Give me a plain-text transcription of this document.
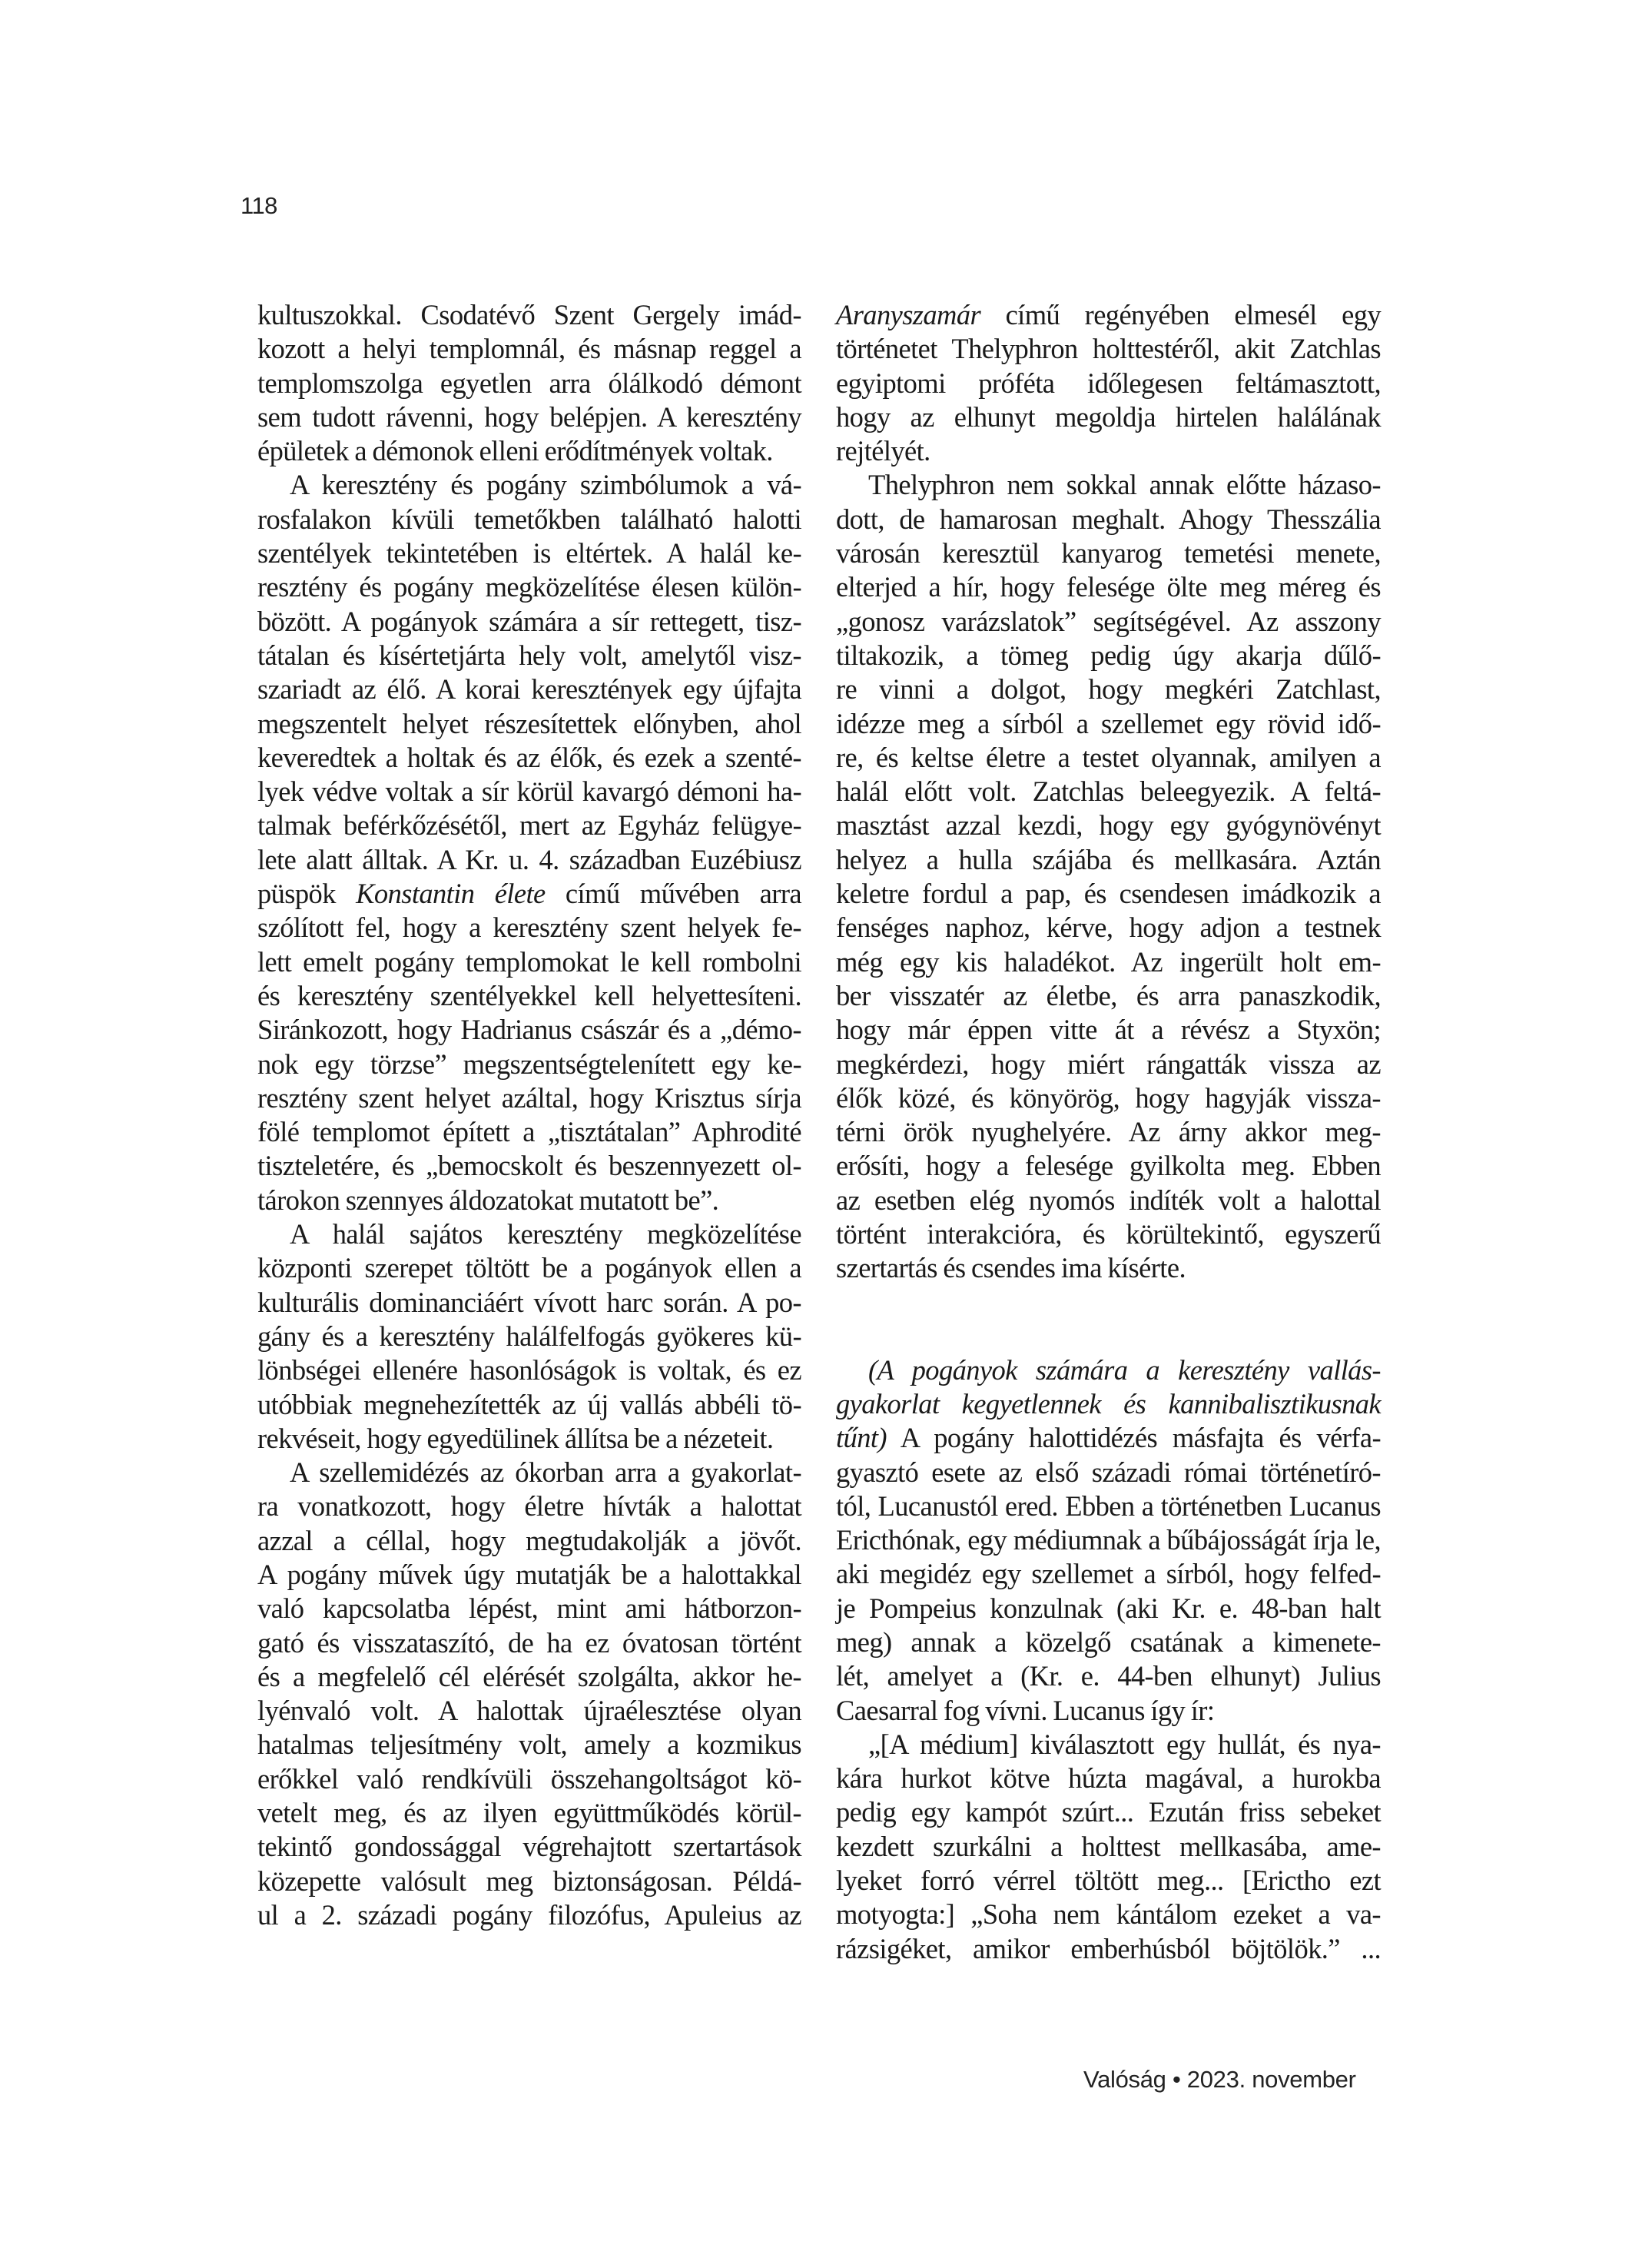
118
kultuszokkal. Csodatévő Szent Gergely imád-
kozott a helyi templomnál, és másnap reggel a
templomszolga egyetlen arra ólálkodó démont
sem tudott rávenni, hogy belépjen. A keresztény
épületek a démonok elleni erődítmények voltak.
A keresztény és pogány szimbólumok a vá-
rosfalakon kívüli temetőkben található halotti
szentélyek tekintetében is eltértek. A halál ke-
resztény és pogány megközelítése élesen külön-
bözött. A pogányok számára a sír rettegett, tisz-
tátalan és kísértetjárta hely volt, amelytől visz-
szariadt az élő. A korai keresztények egy újfajta
megszentelt helyet részesítettek előnyben, ahol
keveredtek a holtak és az élők, és ezek a szenté-
lyek védve voltak a sír körül kavargó démoni ha-
talmak beférkőzésétől, mert az Egyház felügye-
lete alatt álltak. A Kr. u. 4. században Euzébiusz
püspök Konstantin élete című művében arra
szólított fel, hogy a keresztény szent helyek fe-
lett emelt pogány templomokat le kell rombolni
és keresztény szentélyekkel kell helyettesíteni.
Siránkozott, hogy Hadrianus császár és a „démo-
nok egy törzse” megszentségtelenített egy ke-
resztény szent helyet azáltal, hogy Krisztus sírja
fölé templomot épített a „tisztátalan” Aphrodité
tiszteletére, és „bemocskolt és beszennyezett ol-
tárokon szennyes áldozatokat mutatott be”.
A halál sajátos keresztény megközelítése
központi szerepet töltött be a pogányok ellen a
kulturális dominanciáért vívott harc során. A po-
gány és a keresztény halálfelfogás gyökeres kü-
lönbségei ellenére hasonlóságok is voltak, és ez
utóbbiak megnehezítették az új vallás abbéli tö-
rekvéseit, hogy egyedülinek állítsa be a nézeteit.
A szellemidézés az ókorban arra a gyakorlat-
ra vonatkozott, hogy életre hívták a halottat
azzal a céllal, hogy megtudakolják a jövőt.
A pogány művek úgy mutatják be a halottakkal
való kapcsolatba lépést, mint ami hátborzon-
gató és visszataszító, de ha ez óvatosan történt
és a megfelelő cél elérését szolgálta, akkor he-
lyénvaló volt. A halottak újraélesztése olyan
hatalmas teljesítmény volt, amely a kozmikus
erőkkel való rendkívüli összehangoltságot kö-
vetelt meg, és az ilyen együttműködés körül-
tekintő gondossággal végrehajtott szertartások
közepette valósult meg biztonságosan. Példá-
ul a 2. századi pogány filozófus, Apuleius az
Aranyszamár című regényében elmesél egy
történetet Thelyphron holttestéről, akit Zatchlas
egyiptomi próféta időlegesen feltámasztott,
hogy az elhunyt megoldja hirtelen halálának
rejtélyét.
Thelyphron nem sokkal annak előtte házaso-
dott, de hamarosan meghalt. Ahogy Thesszália
városán keresztül kanyarog temetési menete,
elterjed a hír, hogy felesége ölte meg méreg és
„gonosz varázslatok” segítségével. Az asszony
tiltakozik, a tömeg pedig úgy akarja dűlő-
re vinni a dolgot, hogy megkéri Zatchlast,
idézze meg a sírból a szellemet egy rövid idő-
re, és keltse életre a testet olyannak, amilyen a
halál előtt volt. Zatchlas beleegyezik. A feltá-
masztást azzal kezdi, hogy egy gyógynövényt
helyez a hulla szájába és mellkasára. Aztán
keletre fordul a pap, és csendesen imádkozik a
fenséges naphoz, kérve, hogy adjon a testnek
még egy kis haladékot. Az ingerült holt em-
ber visszatér az életbe, és arra panaszkodik,
hogy már éppen vitte át a révész a Styxön;
megkérdezi, hogy miért rángatták vissza az
élők közé, és könyörög, hogy hagyják vissza-
térni örök nyughelyére. Az árny akkor meg-
erősíti, hogy a felesége gyilkolta meg. Ebben
az esetben elég nyomós indíték volt a halottal
történt interakcióra, és körültekintő, egyszerű
szertartás és csendes ima kísérte.
(A pogányok számára a keresztény vallás-
gyakorlat kegyetlennek és kannibalisztikusnak
tűnt) A pogány halottidézés másfajta és vérfa-
gyasztó esete az első századi római történetíró-
tól, Lucanustól ered. Ebben a történetben Lucanus
Ericthónak, egy médiumnak a bűbájosságát írja le,
aki megidéz egy szellemet a sírból, hogy felfed-
je Pompeius konzulnak (aki Kr. e. 48-ban halt
meg) annak a közelgő csatának a kimenete-
lét, amelyet a (Kr. e. 44-ben elhunyt) Julius
Caesarral fog vívni. Lucanus így ír:
„[A médium] kiválasztott egy hullát, és nya-
kára hurkot kötve húzta magával, a hurokba
pedig egy kampót szúrt... Ezután friss sebeket
kezdett szurkálni a holttest mellkasába, ame-
lyeket forró vérrel töltött meg... [Erictho ezt
motyogta:] „Soha nem kántálom ezeket a va-
rázsigéket, amikor emberhúsból böjtölök.” ...
Valóság • 2023. november
